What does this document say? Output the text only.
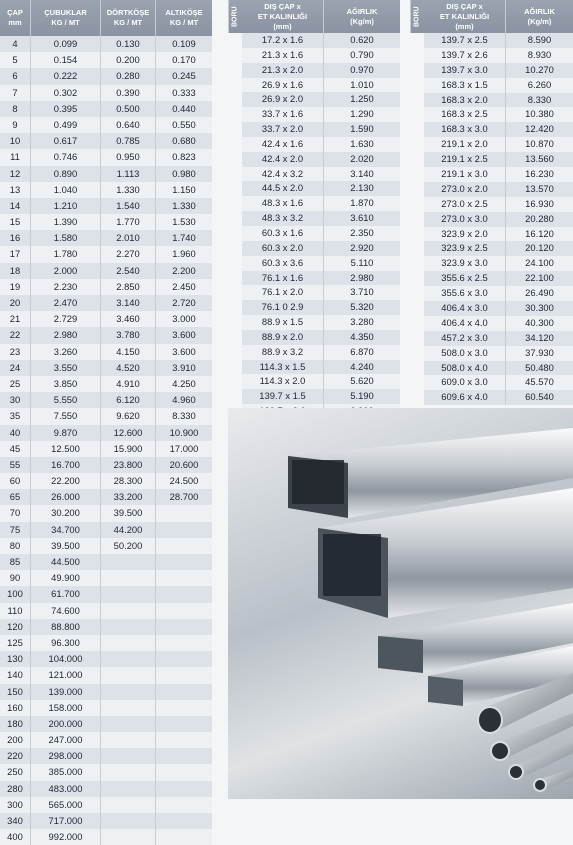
ÇAP
mm
ÇUBUKLAR
KG / MT
DÖRTKÖŞE
KG / MT
ALTIKÖŞE
KG / MT
4	0.099	0.130	0.109
5	0.154	0.200	0.170
6	0.222	0.280	0.245
7	0.302	0.390	0.333
8	0.395	0.500	0.440
9	0.499	0.640	0.550
10	0.617	0.785	0.680
11	0.746	0.950	0.823
12	0.890	1.113	0.980
13	1.040	1.330	1.150
14	1.210	1.540	1.330
15	1.390	1.770	1.530
16	1.580	2.010	1.740
17	1.780	2.270	1.960
18	2.000	2.540	2.200
19	2.230	2.850	2.450
20	2.470	3.140	2.720
21	2.729	3.460	3.000
22	2.980	3.780	3.600
23	3.260	4.150	3.600
24	3.550	4.520	3.910
25	3.850	4.910	4.250
30	5.550	6.120	4.960
35	7.550	9.620	8.330
40	9.870	12.600	10.900
45	12.500	15.900	17.000
55	16.700	23.800	20.600
60	22.200	28.300	24.500
65	26.000	33.200	28.700
70	30.200	39.500
75	34.700	44.200
80	39.500	50.200
85	44.500
90	49.900
100	61.700
110	74.600
120	88.800
125	96.300
130	104.000
140	121.000
150	139.000
160	158.000
180	200.000
200	247.000
220	298.000
250	385.000
280	483.000
300	565.000
340	717.000
400	992.000
BORU
DIŞ ÇAP x
ET KALINLIĞI
(mm)
AĞIRLIK
(Kg/m)
17.2 x 1.6	0.620
21.3 x 1.6	0.790
21.3 x 2.0	0.970
26.9 x 1.6	1.010
26.9 x 2.0	1.250
33.7 x 1.6	1.290
33.7 x 2.0	1.590
42.4 x 1.6	1.630
42.4 x 2.0	2.020
42.4 x 3.2	3.140
44.5 x 2.0	2.130
48.3 x 1.6	1.870
48.3 x 3.2	3.610
60.3 x 1.6	2.350
60.3 x 2.0	2.920
60.3 x 3.6	5.110
76.1 x 1.6	2.980
76.1 x 2.0	3.710
76.1 0 2.9	5.320
88.9 x 1.5	3.280
88.9 x 2.0	4.350
88.9 x 3.2	6.870
114.3 x 1.5	4.240
114.3 x 2.0	5.620
139.7 x 1.5	5.190
BORU
DIŞ ÇAP x
ET KALINLIĞI
(mm)
AĞIRLIK
(Kg/m)
139.7 x 2.5	8.590
139.7 x 2.6	8.930
139.7 x 3.0	10.270
168.3 x 1.5	6.260
168.3 x 2.0	8.330
168.3 x 2.5	10.380
168.3 x 3.0	12.420
219.1 x 2.0	10.870
219.1 x 2.5	13.560
219.1 x 3.0	16.230
273.0 x 2.0	13.570
273.0 x 2.5	16.930
273.0 x 3.0	20.280
323.9 x 2.0	16.120
323.9 x 2.5	20.120
323.9 x 3.0	24.100
355.6 x 2.5	22.100
355.6 x 3.0	26.490
406.4 x 3.0	30.300
406.4 x 4.0	40.300
457.2 x 3.0	34.120
508.0 x 3.0	37.930
508.0 x 4.0	50.480
609.0 x 3.0	45.570
609.6 x 4.0	60.540
